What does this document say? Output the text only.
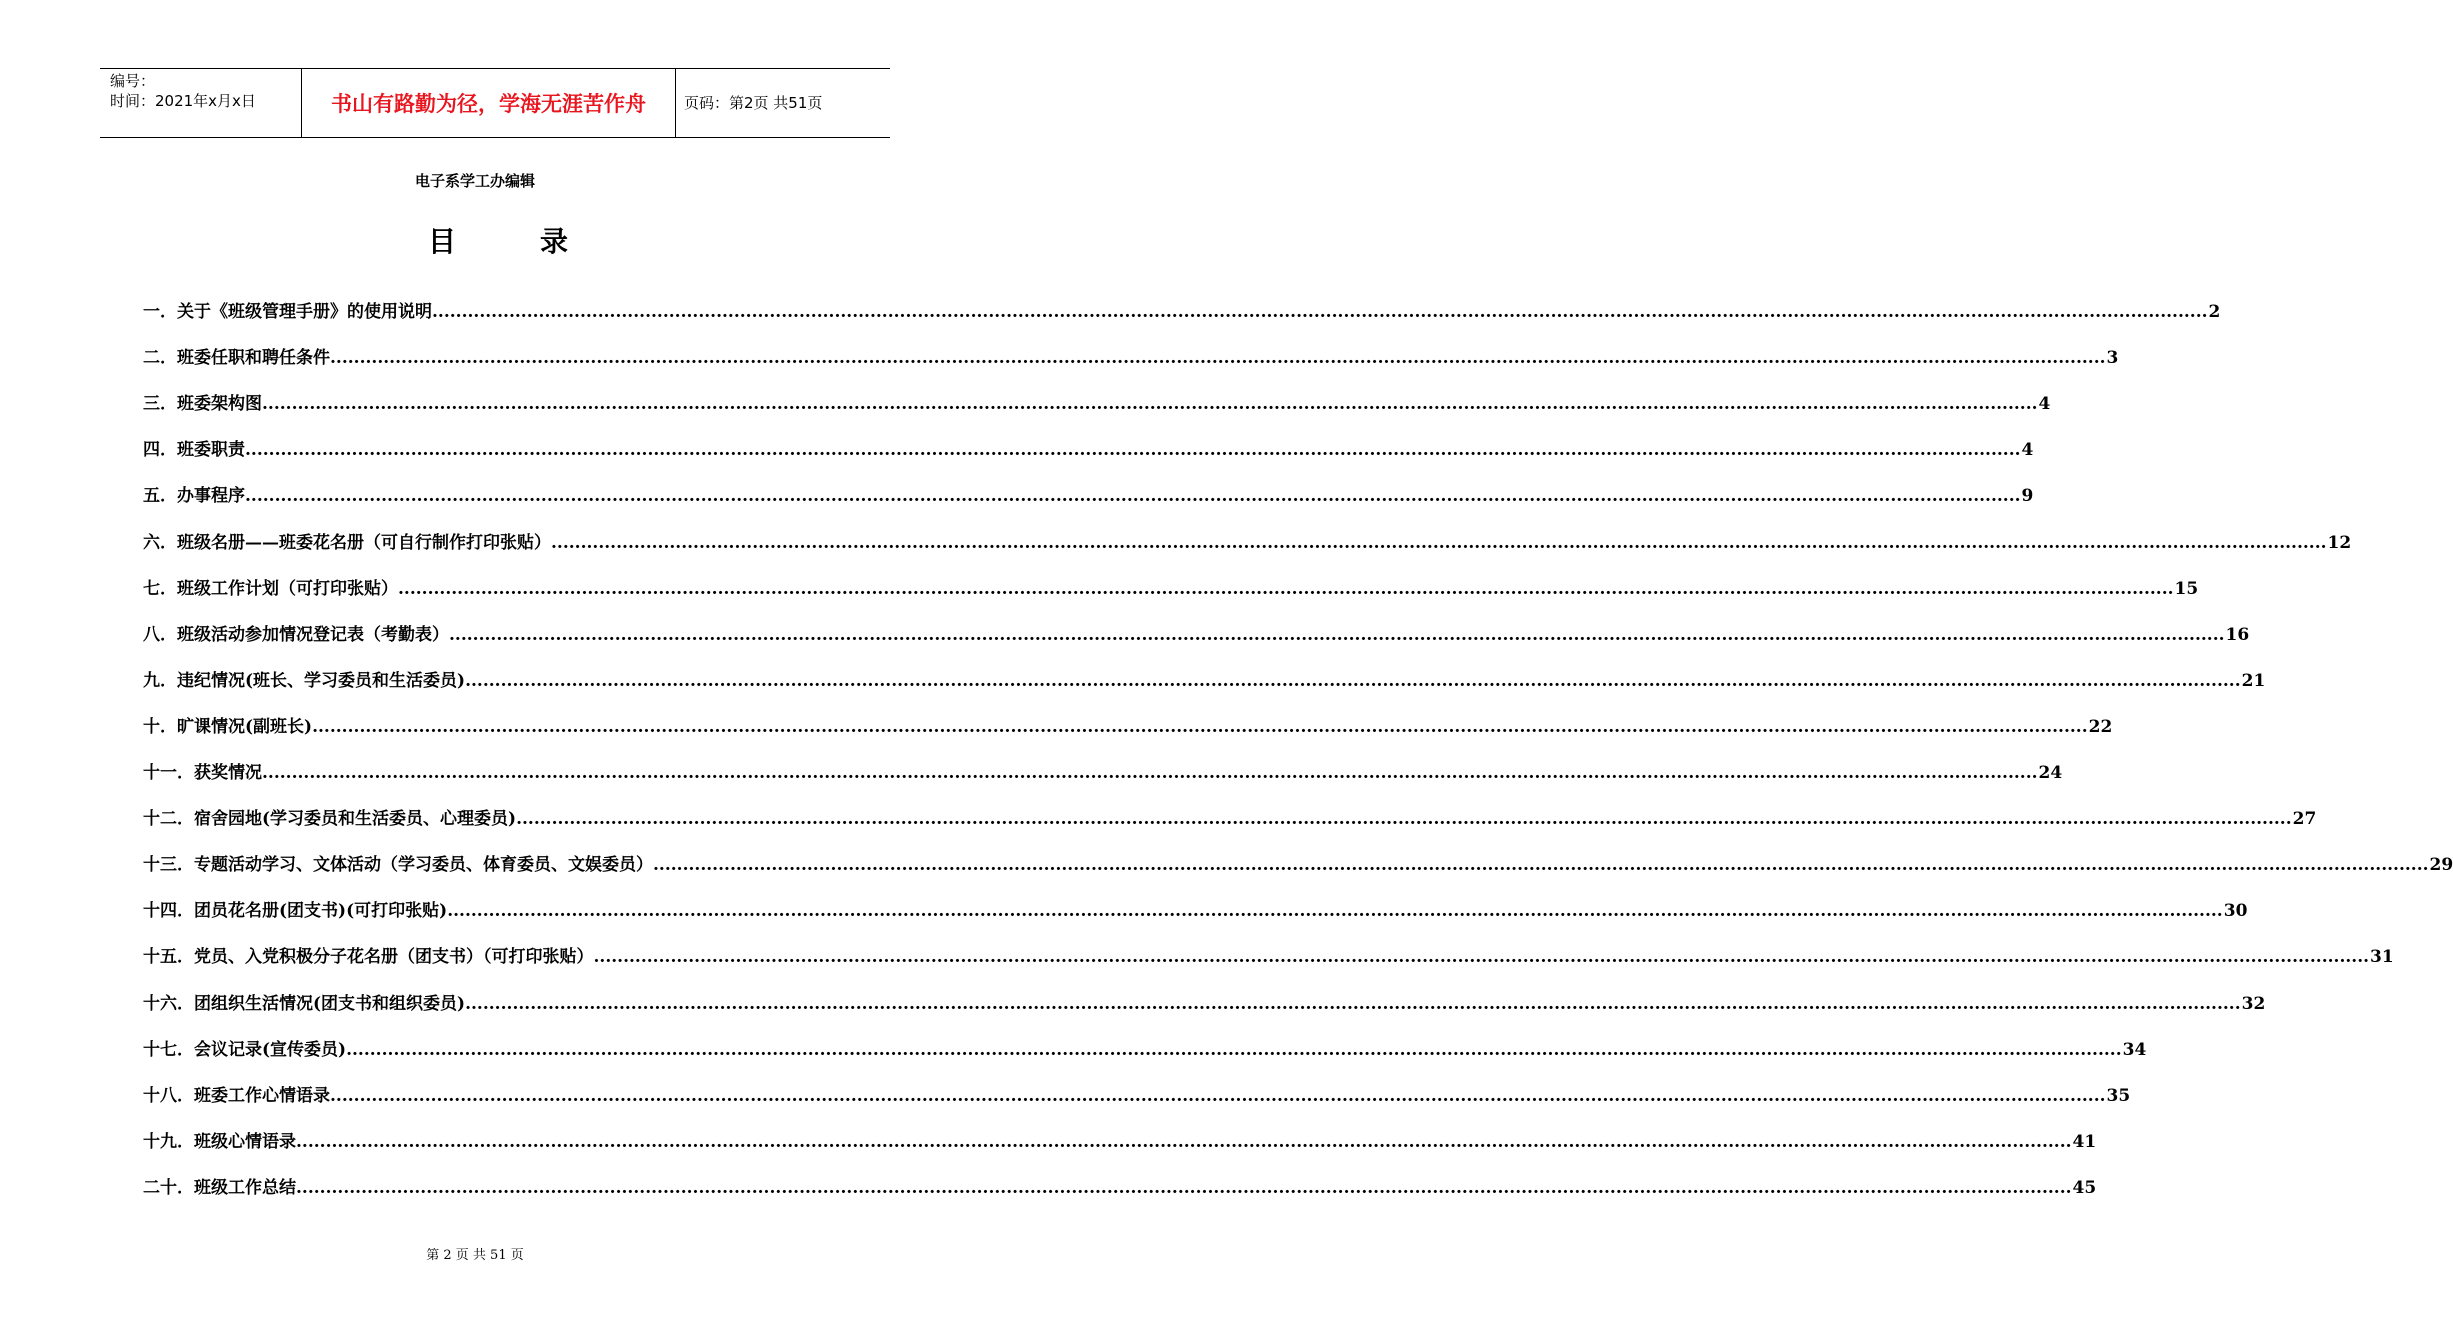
编号：
时间：2021年x月x日	书山有路勤为径，学海无涯苦作舟	页码：第2页 共51页
电子系学工办编辑
目	录
一． 关于《班级管理手册》的使用说明 ............................................................................................................................................................................................................................................................................................................ 2
二． 班委任职和聘任条件 ............................................................................................................................................................................................................................................................................................................ 3
三． 班委架构图 ............................................................................................................................................................................................................................................................................................................ 4
四． 班委职责 ............................................................................................................................................................................................................................................................................................................ 4
五． 办事程序 ............................................................................................................................................................................................................................................................................................................ 9
六． 班级名册——班委花名册（可自行制作打印张贴） ............................................................................................................................................................................................................................................................................................................ 12
七． 班级工作计划（可打印张贴） ............................................................................................................................................................................................................................................................................................................ 15
八． 班级活动参加情况登记表（考勤表） ............................................................................................................................................................................................................................................................................................................ 16
九． 违纪情况(班长、学习委员和生活委员) ............................................................................................................................................................................................................................................................................................................ 21
十． 旷课情况(副班长) ............................................................................................................................................................................................................................................................................................................ 22
十一． 获奖情况 ............................................................................................................................................................................................................................................................................................................ 24
十二． 宿舍园地(学习委员和生活委员、心理委员) ............................................................................................................................................................................................................................................................................................................ 27
十三． 专题活动学习、文体活动（学习委员、体育委员、文娱委员） ............................................................................................................................................................................................................................................................................................................ 29
十四． 团员花名册(团支书)(可打印张贴) ............................................................................................................................................................................................................................................................................................................ 30
十五． 党员、入党积极分子花名册（团支书）（可打印张贴） ............................................................................................................................................................................................................................................................................................................ 31
十六． 团组织生活情况(团支书和组织委员) ............................................................................................................................................................................................................................................................................................................ 32
十七． 会议记录(宣传委员) ............................................................................................................................................................................................................................................................................................................ 34
十八． 班委工作心情语录 ............................................................................................................................................................................................................................................................................................................ 35
十九． 班级心情语录 ............................................................................................................................................................................................................................................................................................................ 41
二十． 班级工作总结 ............................................................................................................................................................................................................................................................................................................ 45
第 2 页 共 51 页
